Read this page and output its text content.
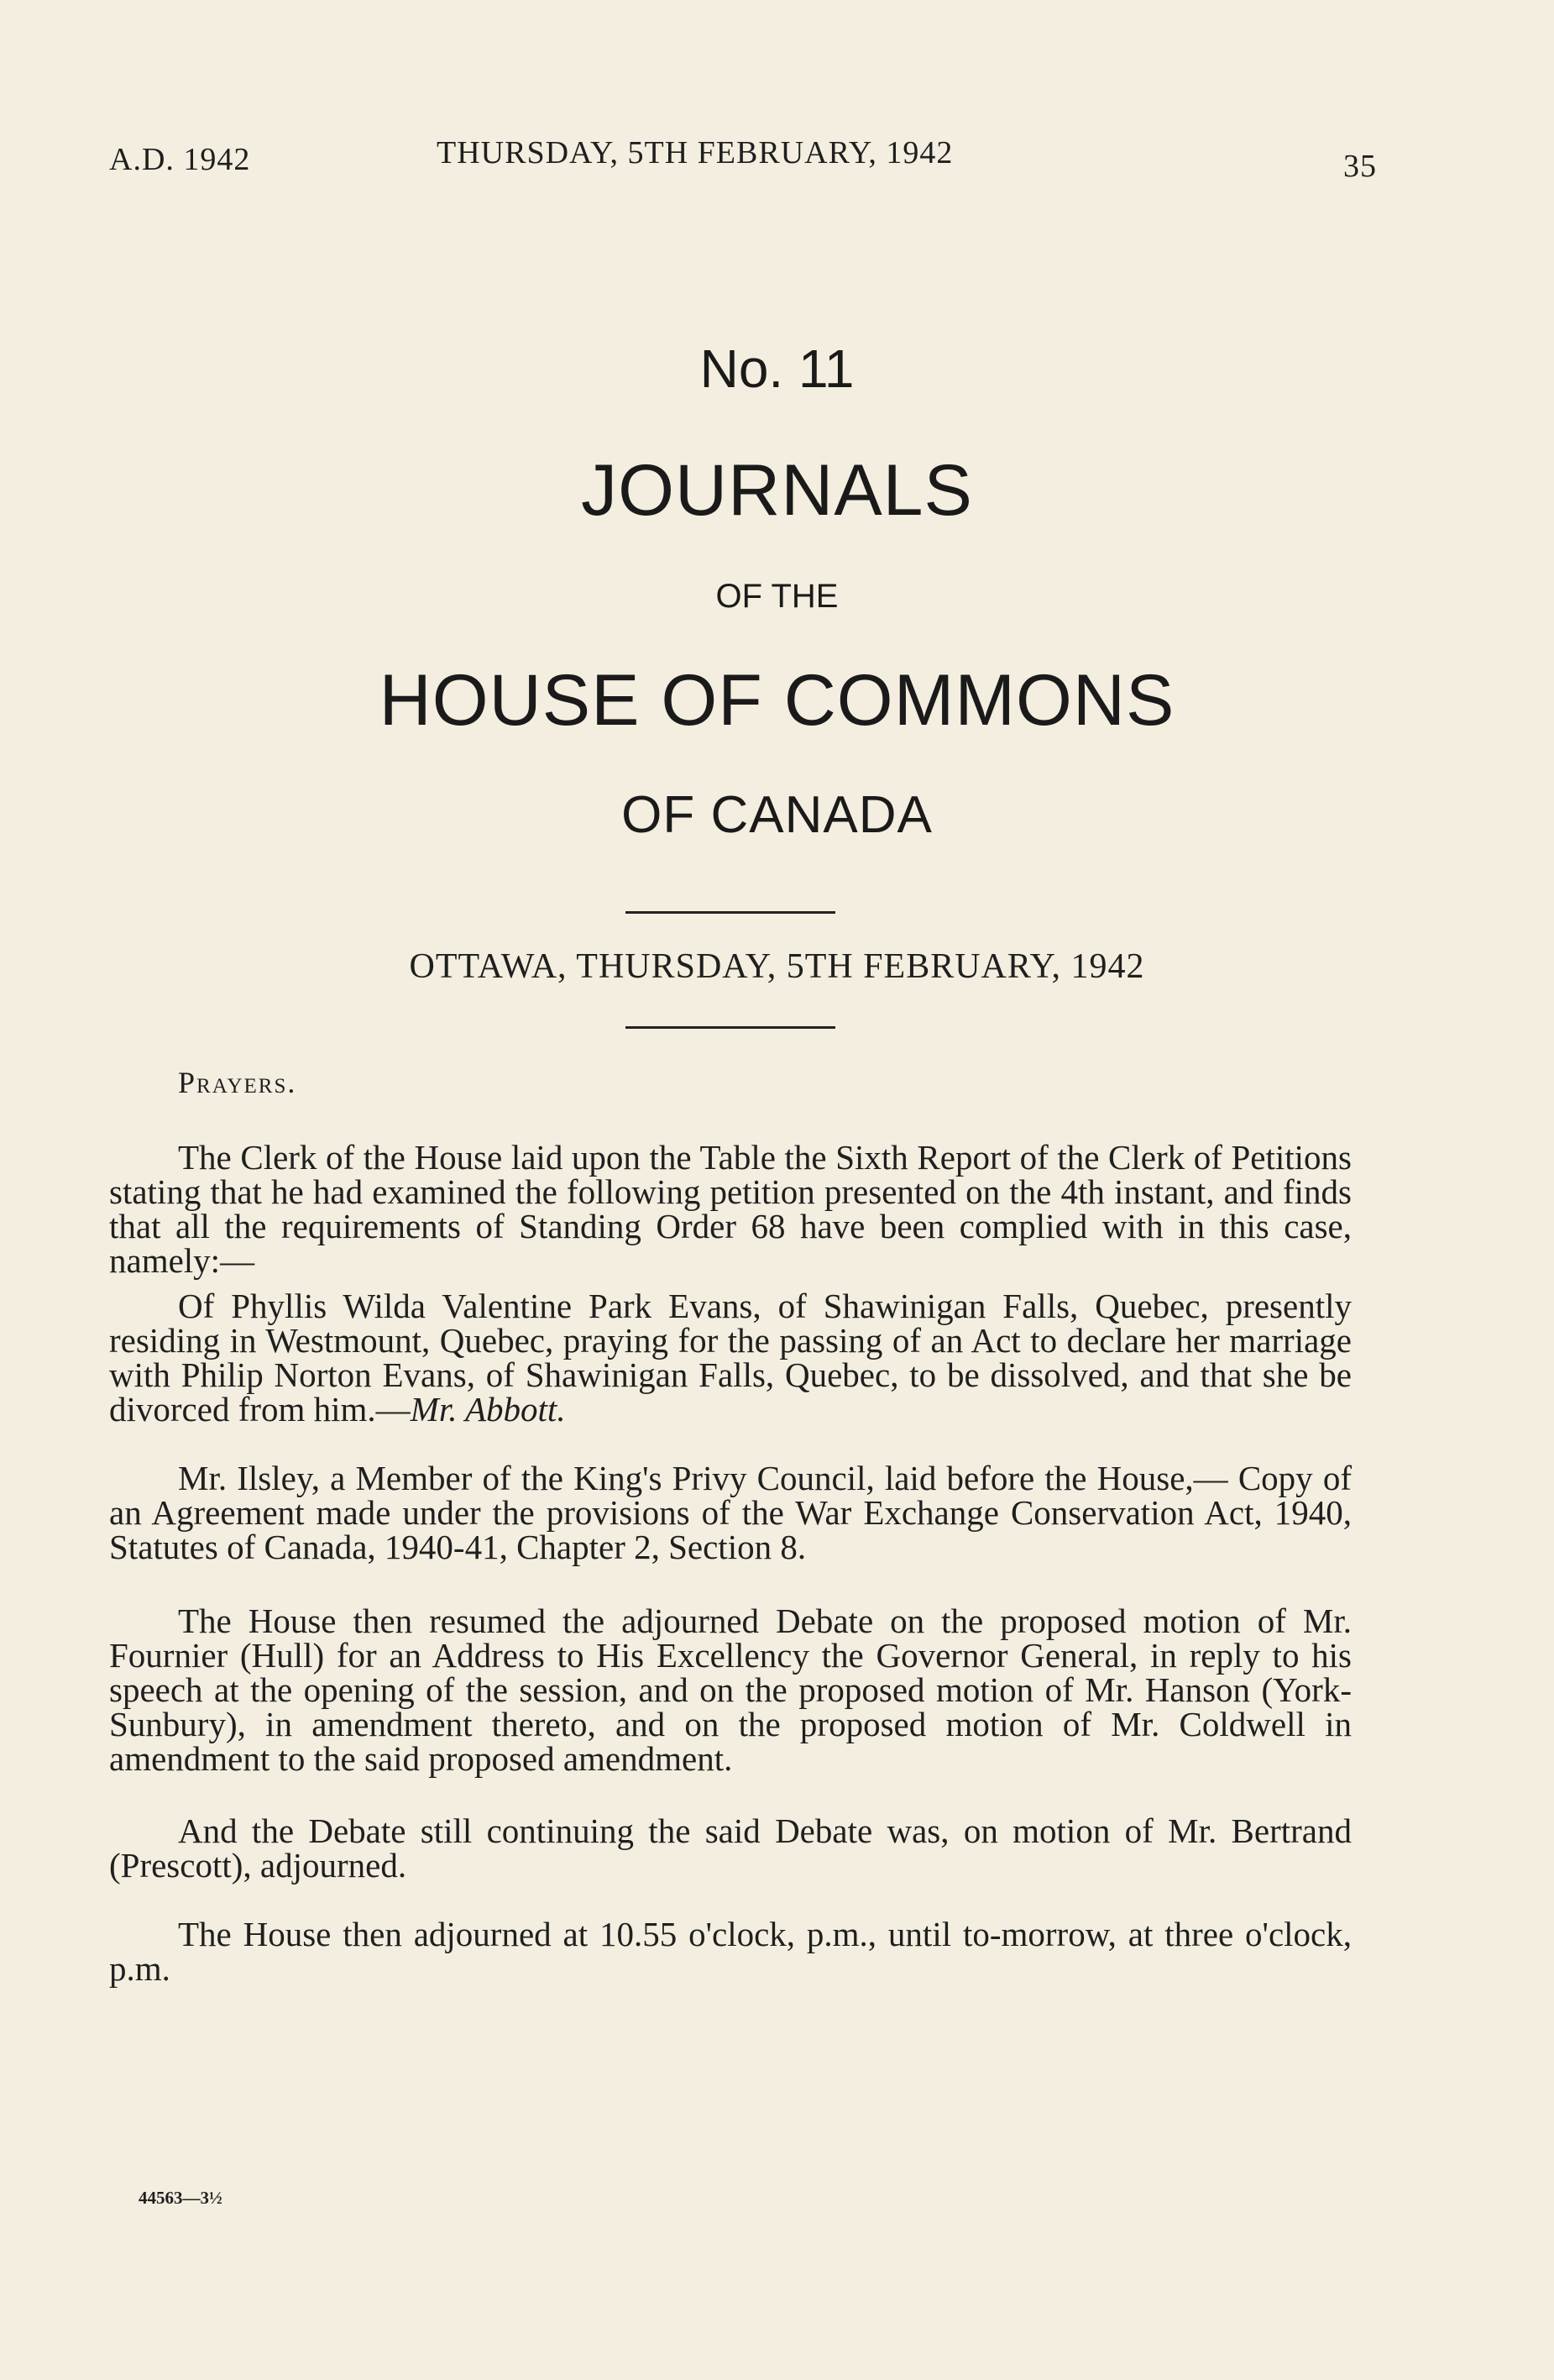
A.D. 1942	THURSDAY, 5TH FEBRUARY, 1942	35
No. 11
JOURNALS
OF THE
HOUSE OF COMMONS
OF CANADA
OTTAWA, THURSDAY, 5TH FEBRUARY, 1942
Prayers.

The Clerk of the House laid upon the Table the Sixth Report of the Clerk of Petitions stating that he had examined the following petition presented on the 4th instant, and finds that all the requirements of Standing Order 68 have been complied with in this case, namely:—

Of Phyllis Wilda Valentine Park Evans, of Shawinigan Falls, Quebec, presently residing in Westmount, Quebec, praying for the passing of an Act to declare her marriage with Philip Norton Evans, of Shawinigan Falls, Quebec, to be dissolved, and that she be divorced from him.—Mr. Abbott.

Mr. Ilsley, a Member of the King's Privy Council, laid before the House,— Copy of an Agreement made under the provisions of the War Exchange Conservation Act, 1940, Statutes of Canada, 1940-41, Chapter 2, Section 8.

The House then resumed the adjourned Debate on the proposed motion of Mr. Fournier (Hull) for an Address to His Excellency the Governor General, in reply to his speech at the opening of the session, and on the proposed motion of Mr. Hanson (York-Sunbury), in amendment thereto, and on the proposed motion of Mr. Coldwell in amendment to the said proposed amendment.

And the Debate still continuing the said Debate was, on motion of Mr. Bertrand (Prescott), adjourned.

The House then adjourned at 10.55 o'clock, p.m., until to-morrow, at three o'clock, p.m.

44563—3½
